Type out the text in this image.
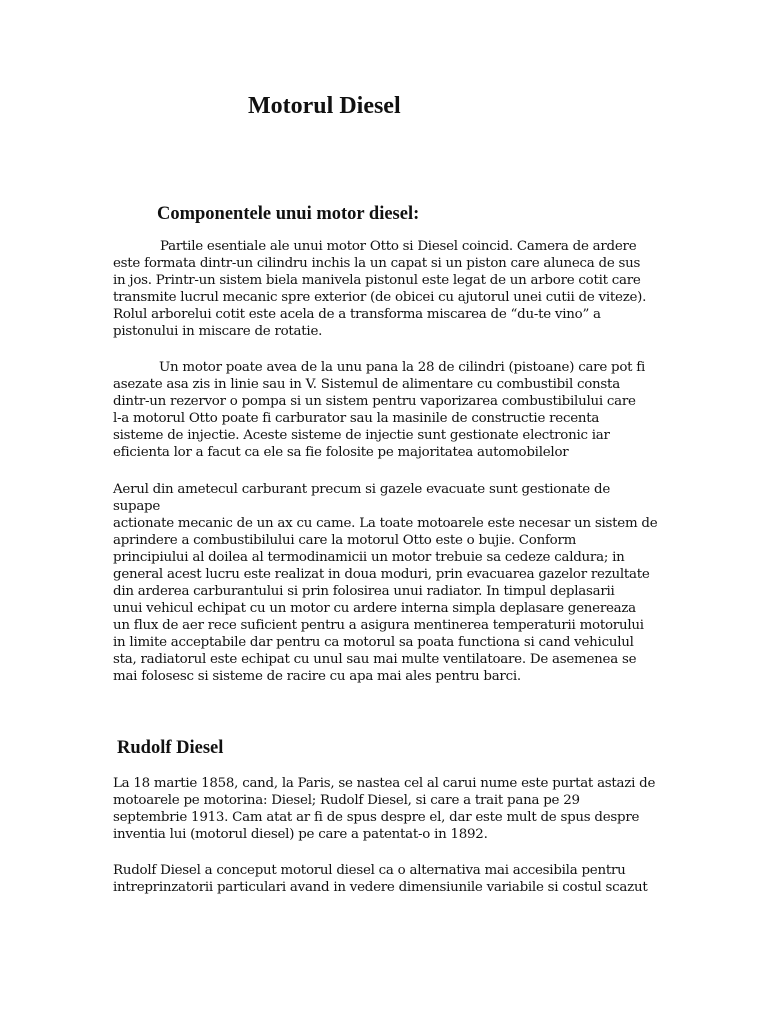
Motorul Diesel
Componentele unui motor diesel:

Partile esentiale ale unui motor Otto si Diesel coincid. Camera de ardere
este formata dintr-un cilindru inchis la un capat si un piston care aluneca de sus
in jos. Printr-un sistem biela manivela pistonul este legat de un arbore cotit care
transmite lucrul mecanic spre exterior (de obicei cu ajutorul unei cutii de viteze).
Rolul arborelui cotit este acela de a transforma miscarea de “du-te vino” a
pistonului in miscare de rotatie.

Un motor poate avea de la unu pana la 28 de cilindri (pistoane) care pot fi
asezate asa zis in linie sau in V. Sistemul de alimentare cu combustibil consta
dintr-un rezervor o pompa si un sistem pentru vaporizarea combustibilului care
l-a motorul Otto poate fi carburator sau la masinile de constructie recenta
sisteme de injectie. Aceste sisteme de injectie sunt gestionate electronic iar
eficienta lor a facut ca ele sa fie folosite pe majoritatea automobilelor

Aerul din ametecul carburant precum si gazele evacuate sunt gestionate de
supape
actionate mecanic de un ax cu came. La toate motoarele este necesar un sistem de
aprindere a combustibilului care la motorul Otto este o bujie. Conform
principiului al doilea al termodinamicii un motor trebuie sa cedeze caldura; in
general acest lucru este realizat in doua moduri, prin evacuarea gazelor rezultate
din arderea carburantului si prin folosirea unui radiator. In timpul deplasarii
unui vehicul echipat cu un motor cu ardere interna simpla deplasare genereaza
un flux de aer rece suficient pentru a asigura mentinerea temperaturii motorului
in limite acceptabile dar pentru ca motorul sa poata functiona si cand vehiculul
sta, radiatorul este echipat cu unul sau mai multe ventilatoare. De asemenea se
mai folosesc si sisteme de racire cu apa mai ales pentru barci.

Rudolf Diesel

La 18 martie 1858, cand, la Paris, se nastea cel al carui nume este purtat astazi de
motoarele pe motorina: Diesel; Rudolf Diesel, si care a trait pana pe 29
septembrie 1913. Cam atat ar fi de spus despre el, dar este mult de spus despre
inventia lui (motorul diesel) pe care a patentat-o in 1892.

Rudolf Diesel a conceput motorul diesel ca o alternativa mai accesibila pentru
intreprinzatorii particulari avand in vedere dimensiunile variabile si costul scazut
